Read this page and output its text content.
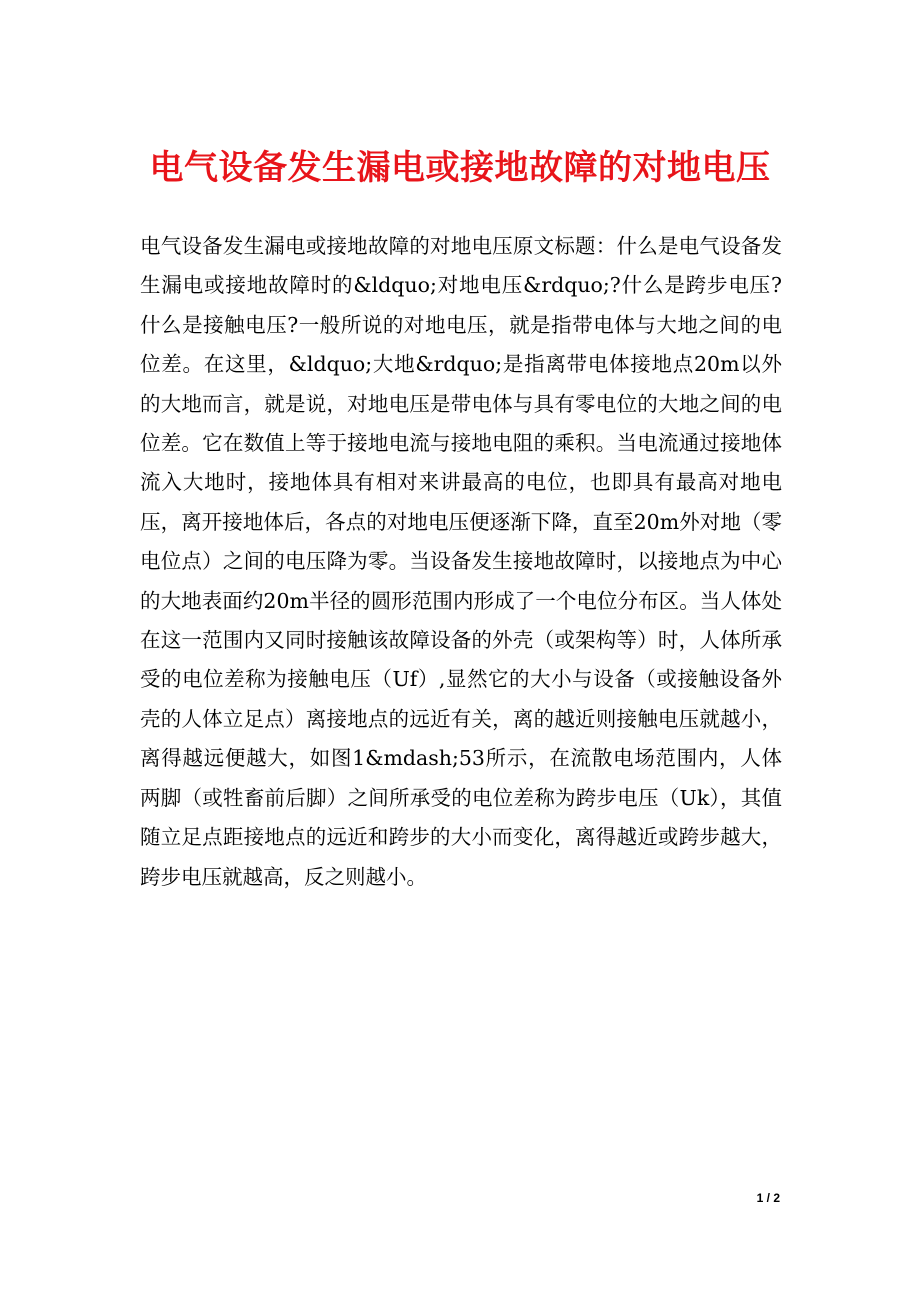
电气设备发生漏电或接地故障的对地电压

电气设备发生漏电或接地故障的对地电压原文标题：什么是电气设备发生漏电或接地故障时的&ldquo;对地电压&rdquo;?什么是跨步电压?什么是接触电压?一般所说的对地电压，就是指带电体与大地之间的电位差。在这里，&ldquo;大地&rdquo;是指离带电体接地点20m以外的大地而言，就是说，对地电压是带电体与具有零电位的大地之间的电位差。它在数值上等于接地电流与接地电阻的乘积。当电流通过接地体流入大地时，接地体具有相对来讲最高的电位，也即具有最高对地电压，离开接地体后，各点的对地电压便逐渐下降，直至20m外对地（零电位点）之间的电压降为零。当设备发生接地故障时，以接地点为中心的大地表面约20m半径的圆形范围内形成了一个电位分布区。当人体处在这一范围内又同时接触该故障设备的外壳（或架构等）时，人体所承受的电位差称为接触电压（Uf）,显然它的大小与设备（或接触设备外壳的人体立足点）离接地点的远近有关，离的越近则接触电压就越小，离得越远便越大，如图1&mdash;53所示，在流散电场范围内，人体两脚（或牲畜前后脚）之间所承受的电位差称为跨步电压（Uk），其值随立足点距接地点的远近和跨步的大小而变化，离得越近或跨步越大，跨步电压就越高，反之则越小。

1 / 2
